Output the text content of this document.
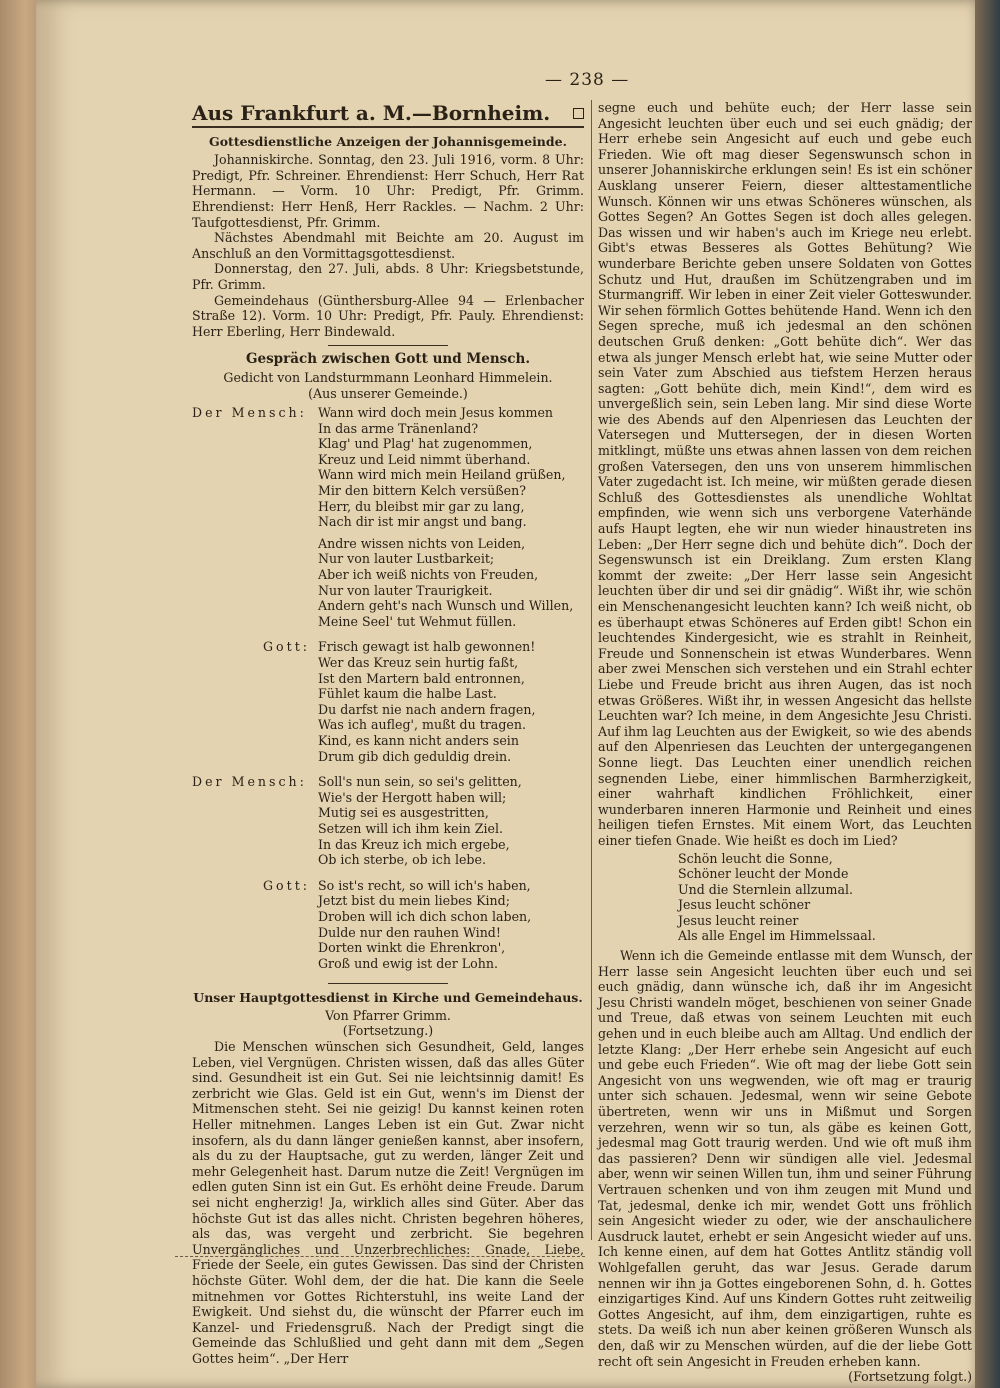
— 238 —
Aus Frankfurt a. M.—Bornheim.
Gottesdienstliche Anzeigen der Johannisgemeinde.

Johanniskirche. Sonntag, den 23. Juli 1916, vorm. 8 Uhr: Predigt, Pfr. Schreiner. Ehrendienst: Herr Schuch, Herr Rat Hermann. — Vorm. 10 Uhr: Predigt, Pfr. Grimm. Ehrendienst: Herr Henß, Herr Rackles. — Nachm. 2 Uhr: Taufgottesdienst, Pfr. Grimm.

Nächstes Abendmahl mit Beichte am 20. August im Anschluß an den Vormittagsgottesdienst.

Donnerstag, den 27. Juli, abds. 8 Uhr: Kriegsbetstunde, Pfr. Grimm.

Gemeindehaus (Günthersburg-Allee 94 — Erlenbacher Straße 12). Vorm. 10 Uhr: Predigt, Pfr. Pauly. Ehrendienst: Herr Eberling, Herr Bindewald.

Gespräch zwischen Gott und Mensch.
Gedicht von Landsturmmann Leonhard Himmelein.
(Aus unserer Gemeinde.)
Der Mensch: Wann wird doch mein Jesus kommen
In das arme Tränenland?
Klag' und Plag' hat zugenommen,
Kreuz und Leid nimmt überhand.
Wann wird mich mein Heiland grüßen,
Mir den bittern Kelch versüßen?
Herr, du bleibst mir gar zu lang,
Nach dir ist mir angst und bang.
Andre wissen nichts von Leiden,
Nur von lauter Lustbarkeit;
Aber ich weiß nichts von Freuden,
Nur von lauter Traurigkeit.
Andern geht's nach Wunsch und Willen,
Meine Seel' tut Wehmut füllen.
Gott: Frisch gewagt ist halb gewonnen!
Wer das Kreuz sein hurtig faßt,
Ist den Martern bald entronnen,
Fühlet kaum die halbe Last.
Du darfst nie nach andern fragen,
Was ich aufleg', mußt du tragen.
Kind, es kann nicht anders sein
Drum gib dich geduldig drein.
Der Mensch: Soll's nun sein, so sei's gelitten,
Wie's der Hergott haben will;
Mutig sei es ausgestritten,
Setzen will ich ihm kein Ziel.
In das Kreuz ich mich ergebe,
Ob ich sterbe, ob ich lebe.
Gott: So ist's recht, so will ich's haben,
Jetzt bist du mein liebes Kind;
Droben will ich dich schon laben,
Dulde nur den rauhen Wind!
Dorten winkt die Ehrenkron',
Groß und ewig ist der Lohn.
Unser Hauptgottesdienst in Kirche und Gemeindehaus.
Von Pfarrer Grimm.
(Fortsetzung.)

Die Menschen wünschen sich Gesundheit, Geld, langes Leben, viel Vergnügen. Christen wissen, daß das alles Güter sind. Gesundheit ist ein Gut. Sei nie leichtsinnig damit! Es zerbricht wie Glas. Geld ist ein Gut, wenn's im Dienst der Mitmenschen steht. Sei nie geizig! Du kannst keinen roten Heller mitnehmen. Langes Leben ist ein Gut. Zwar nicht insofern, als du dann länger genießen kannst, aber insofern, als du zu der Hauptsache, gut zu werden, länger Zeit und mehr Gelegenheit hast. Darum nutze die Zeit! Vergnügen im edlen guten Sinn ist ein Gut. Es erhöht deine Freude. Darum sei nicht engherzig! Ja, wirklich alles sind Güter. Aber das höchste Gut ist das alles nicht. Christen begehren höheres, als das, was vergeht und zerbricht. Sie begehren Unvergängliches und Unzerbrechliches: Gnade, Liebe, Friede der Seele, ein gutes Gewissen. Das sind der Christen höchste Güter. Wohl dem, der die hat. Die kann die Seele mitnehmen vor Gottes Richterstuhl, ins weite Land der Ewigkeit. Und siehst du, die wünscht der Pfarrer euch im Kanzel- und Friedensgruß. Nach der Predigt singt die Gemeinde das Schlußlied und geht dann mit dem „Segen Gottes heim“. „Der Herr

segne euch und behüte euch; der Herr lasse sein Angesicht leuchten über euch und sei euch gnädig; der Herr erhebe sein Angesicht auf euch und gebe euch Frieden. Wie oft mag dieser Segenswunsch schon in unserer Johanniskirche erklungen sein! Es ist ein schöner Ausklang unserer Feiern, dieser alttestamentliche Wunsch. Können wir uns etwas Schöneres wünschen, als Gottes Segen? An Gottes Segen ist doch alles gelegen. Das wissen und wir haben's auch im Kriege neu erlebt. Gibt's etwas Besseres als Gottes Behütung? Wie wunderbare Berichte geben unsere Soldaten von Gottes Schutz und Hut, draußen im Schützengraben und im Sturmangriff. Wir leben in einer Zeit vieler Gotteswunder. Wir sehen förmlich Gottes behütende Hand. Wenn ich den Segen spreche, muß ich jedesmal an den schönen deutschen Gruß denken: „Gott behüte dich“. Wer das etwa als junger Mensch erlebt hat, wie seine Mutter oder sein Vater zum Abschied aus tiefstem Herzen heraus sagten: „Gott behüte dich, mein Kind!“, dem wird es unvergeßlich sein, sein Leben lang. Mir sind diese Worte wie des Abends auf den Alpenriesen das Leuchten der Vatersegen und Muttersegen, der in diesen Worten mitklingt, müßte uns etwas ahnen lassen von dem reichen großen Vatersegen, den uns von unserem himmlischen Vater zugedacht ist. Ich meine, wir müßten gerade diesen Schluß des Gottesdienstes als unendliche Wohltat empfinden, wie wenn sich uns verborgene Vaterhände aufs Haupt legten, ehe wir nun wieder hinaustreten ins Leben: „Der Herr segne dich und behüte dich“. Doch der Segenswunsch ist ein Dreiklang. Zum ersten Klang kommt der zweite: „Der Herr lasse sein Angesicht leuchten über dir und sei dir gnädig“. Wißt ihr, wie schön ein Menschenangesicht leuchten kann? Ich weiß nicht, ob es überhaupt etwas Schöneres auf Erden gibt! Schon ein leuchtendes Kindergesicht, wie es strahlt in Reinheit, Freude und Sonnenschein ist etwas Wunderbares. Wenn aber zwei Menschen sich verstehen und ein Strahl echter Liebe und Freude bricht aus ihren Augen, das ist noch etwas Größeres. Wißt ihr, in wessen Angesicht das hellste Leuchten war? Ich meine, in dem Angesichte Jesu Christi. Auf ihm lag Leuchten aus der Ewigkeit, so wie des abends auf den Alpenriesen das Leuchten der untergegangenen Sonne liegt. Das Leuchten einer unendlich reichen segnenden Liebe, einer himmlischen Barmherzigkeit, einer wahrhaft kindlichen Fröhlichkeit, einer wunderbaren inneren Harmonie und Reinheit und eines heiligen tiefen Ernstes. Mit einem Wort, das Leuchten einer tiefen Gnade. Wie heißt es doch im Lied?

Schön leucht die Sonne,
Schöner leucht der Monde
Und die Sternlein allzumal.
Jesus leucht schöner
Jesus leucht reiner
Als alle Engel im Himmelssaal.

Wenn ich die Gemeinde entlasse mit dem Wunsch, der Herr lasse sein Angesicht leuchten über euch und sei euch gnädig, dann wünsche ich, daß ihr im Angesicht Jesu Christi wandeln möget, beschienen von seiner Gnade und Treue, daß etwas von seinem Leuchten mit euch gehen und in euch bleibe auch am Alltag. Und endlich der letzte Klang: „Der Herr erhebe sein Angesicht auf euch und gebe euch Frieden“. Wie oft mag der liebe Gott sein Angesicht von uns wegwenden, wie oft mag er traurig unter sich schauen. Jedesmal, wenn wir seine Gebote übertreten, wenn wir uns in Mißmut und Sorgen verzehren, wenn wir so tun, als gäbe es keinen Gott, jedesmal mag Gott traurig werden. Und wie oft muß ihm das passieren? Denn wir sündigen alle viel. Jedesmal aber, wenn wir seinen Willen tun, ihm und seiner Führung Vertrauen schenken und von ihm zeugen mit Mund und Tat, jedesmal, denke ich mir, wendet Gott uns fröhlich sein Angesicht wieder zu oder, wie der anschaulichere Ausdruck lautet, erhebt er sein Angesicht wieder auf uns. Ich kenne einen, auf dem hat Gottes Antlitz ständig voll Wohlgefallen geruht, das war Jesus. Gerade darum nennen wir ihn ja Gottes eingeborenen Sohn, d. h. Gottes einzigartiges Kind. Auf uns Kindern Gottes ruht zeitweilig Gottes Angesicht, auf ihm, dem einzigartigen, ruhte es stets. Da weiß ich nun aber keinen größeren Wunsch als den, daß wir zu Menschen würden, auf die der liebe Gott recht oft sein Angesicht in Freuden erheben kann.

(Fortsetzung folgt.)
